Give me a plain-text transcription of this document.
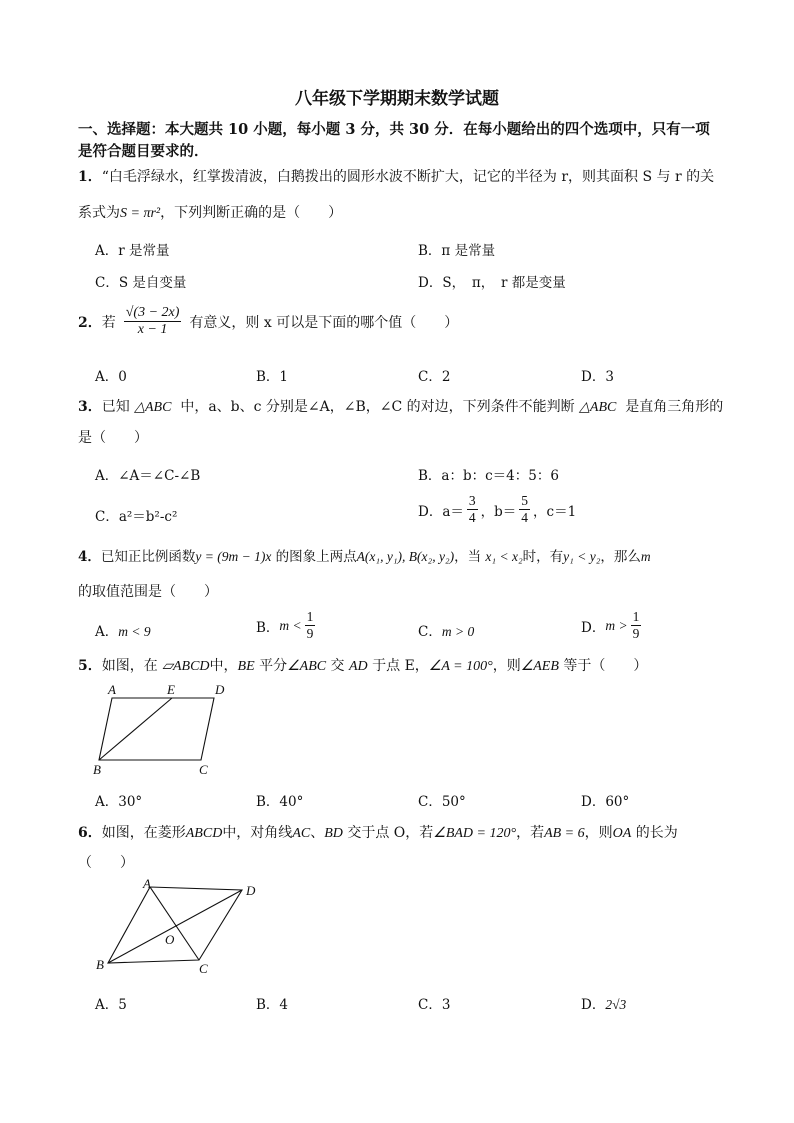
八年级下学期期末数学试题
一、选择题：本大题共 10 小题，每小题 3 分，共 30 分．在每小题给出的四个选项中，只有一项
是符合题目要求的．
1．“白毛浮绿水，红掌拨清波，白鹅拨出的圆形水波不断扩大，记它的半径为 r，则其面积 S 与 r 的关
系式为S = πr²，下列判断正确的是（　　）
A．r 是常量	B．π 是常量
C．S 是自变量	D．S，　π，　r 都是变量
2． 若 $\frac{√(3 - 2x)}{x - 1}$ 有意义，则 x 可以是下面的哪个值（　　）
A．0	B．1	C．2	D．3
3．已知 △ABC 中，a、b、c 分别是∠A，∠B，∠C 的对边，下列条件不能判断 △ABC 是直角三角形的
是（　　）
A．∠A＝∠C-∠B	B．a：b：c＝4：5：6
C．a²＝b²-c²	D．$a= \frac{3}{4}$ ，$b= \frac{5}{4}$ ，c＝1
4．已知正比例函数y = (9m − 1)x 的图象上两点A(x₁, y₁), B(x₂, y₂)，当 x₁ < x₂时，有y₁ < y₂，那么m
的取值范围是（　　）
A．m < 9	B． $m < \frac{1}{9}$	C．m > 0	D． $m > \frac{1}{9}$
5．如图，在 ▱ABCD中，BE 平分∠ABC 交 AD 于点 E，∠A = 100°，则∠AEB 等于（　　）
A	E	D
B	C
A．30°	B．40°	C．50°	D．60°
6．如图，在菱形ABCD中，对角线AC、BD 交于点 O，若∠BAD = 120°，若AB = 6，则OA 的长为
（　　）
A	D
O
B	C
A．5	B．4	C．3	D．2√3
